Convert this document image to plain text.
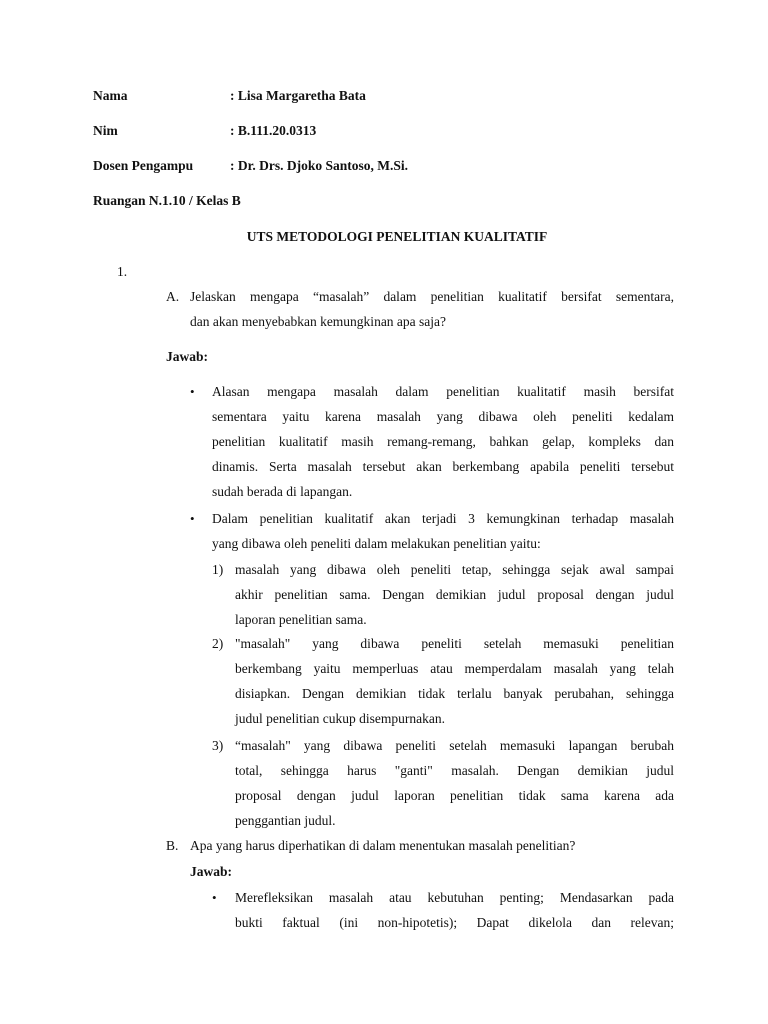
Nama	: Lisa Margaretha Bata
Nim	: B.111.20.0313
Dosen Pengampu	: Dr. Drs. Djoko Santoso, M.Si.
Ruangan N.1.10 / Kelas B
UTS METODOLOGI PENELITIAN KUALITATIF
1.
A. Jelaskan mengapa “masalah” dalam penelitian kualitatif bersifat sementara,
dan akan menyebabkan kemungkinan apa saja?
Jawab:
• Alasan mengapa masalah dalam penelitian kualitatif masih bersifat
sementara yaitu karena masalah yang dibawa oleh peneliti kedalam
penelitian kualitatif masih remang-remang, bahkan gelap, kompleks dan
dinamis. Serta masalah tersebut akan berkembang apabila peneliti tersebut
sudah berada di lapangan.
• Dalam penelitian kualitatif akan terjadi 3 kemungkinan terhadap masalah
yang dibawa oleh peneliti dalam melakukan penelitian yaitu:
1) masalah yang dibawa oleh peneliti tetap, sehingga sejak awal sampai
akhir penelitian sama. Dengan demikian judul proposal dengan judul
laporan penelitian sama.
2) "masalah" yang dibawa peneliti setelah memasuki penelitian
berkembang yaitu memperluas atau memperdalam masalah yang telah
disiapkan. Dengan demikian tidak terlalu banyak perubahan, sehingga
judul penelitian cukup disempurnakan.
3) “masalah" yang dibawa peneliti setelah memasuki lapangan berubah
total, sehingga harus "ganti" masalah. Dengan demikian judul
proposal dengan judul laporan penelitian tidak sama karena ada
penggantian judul.
B. Apa yang harus diperhatikan di dalam menentukan masalah penelitian?
Jawab:
• Merefleksikan masalah atau kebutuhan penting; Mendasarkan pada
bukti faktual (ini non-hipotetis); Dapat dikelola dan relevan;
